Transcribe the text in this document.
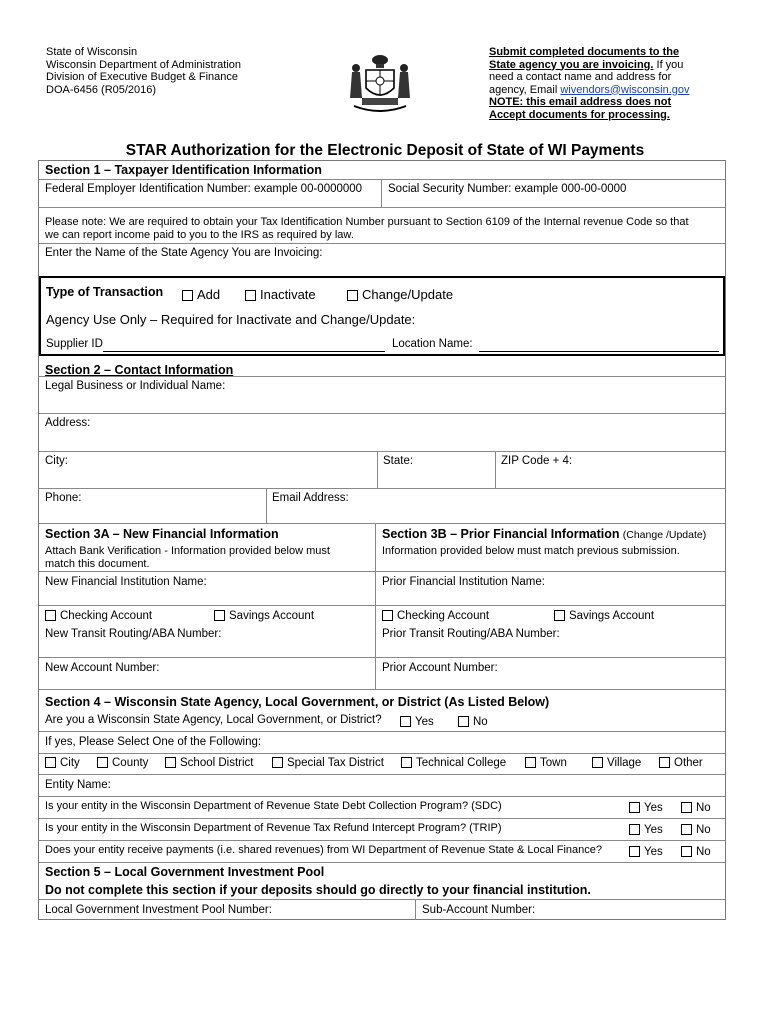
State of Wisconsin
Wisconsin Department of Administration
Division of Executive Budget & Finance
DOA-6456 (R05/2016)
Submit completed documents to the
State agency you are invoicing. If you
need a contact name and address for
agency, Email wivendors@wisconsin.gov
NOTE: this email address does not
Accept documents for processing.
STAR Authorization for the Electronic Deposit of State of WI Payments
Section 1 – Taxpayer Identification Information
Federal Employer Identification Number: example 00-0000000 Social Security Number: example 000-00-0000
Please note: We are required to obtain your Tax Identification Number pursuant to Section 6109 of the Internal revenue Code so that
we can report income paid to you to the IRS as required by law.
Enter the Name of the State Agency You are Invoicing:
Type of Transaction	Add	Inactivate	Change/Update
Agency Use Only – Required for Inactivate and Change/Update:
Supplier ID	Location Name:
Section 2 – Contact Information
Legal Business or Individual Name:
Address:
City:	State:	ZIP Code + 4:
Phone:	Email Address:
Section 3A – New Financial Information	Section 3B – Prior Financial Information (Change /Update)
Attach Bank Verification - Information provided below must
match this document.
Information provided below must match previous submission.
New Financial Institution Name:	Prior Financial Institution Name:
Checking Account	Savings Account	Checking Account	Savings Account
New Transit Routing/ABA Number:	Prior Transit Routing/ABA Number:
New Account Number:	Prior Account Number:
Section 4 – Wisconsin State Agency, Local Government, or District (As Listed Below)
Are you a Wisconsin State Agency, Local Government, or District?	Yes	No
If yes, Please Select One of the Following:
City	County	School District	Special Tax District	Technical College	Town	Village	Other
Entity Name:
Is your entity in the Wisconsin Department of Revenue State Debt Collection Program? (SDC)	Yes	No
Is your entity in the Wisconsin Department of Revenue Tax Refund Intercept Program? (TRIP)	Yes	No
Does your entity receive payments (i.e. shared revenues) from WI Department of Revenue State & Local Finance?	Yes	No
Section 5 – Local Government Investment Pool
Do not complete this section if your deposits should go directly to your financial institution.
Local Government Investment Pool Number:	Sub-Account Number:
